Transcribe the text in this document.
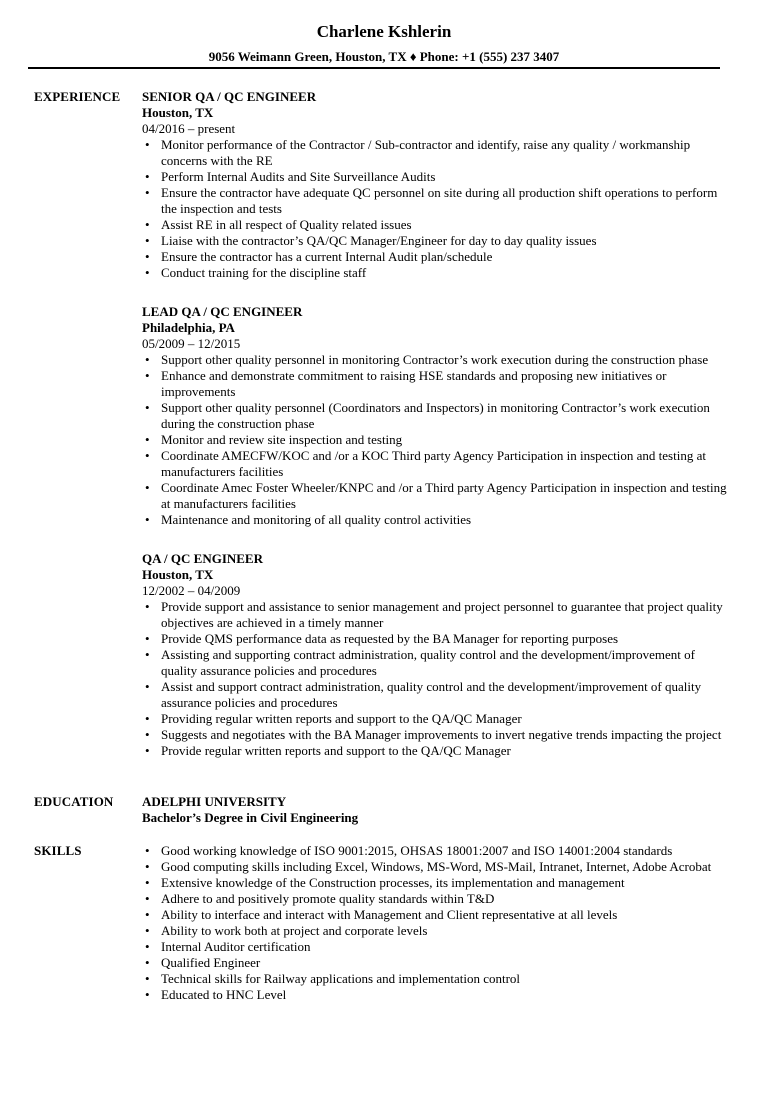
Charlene Kshlerin
9056 Weimann Green, Houston, TX ♦ Phone: +1 (555) 237 3407
EXPERIENCE SENIOR QA / QC ENGINEER
Houston, TX
04/2016 – present
• Monitor performance of the Contractor / Sub-contractor and identify, raise any quality / workmanship concerns with the RE
• Perform Internal Audits and Site Surveillance Audits
• Ensure the contractor have adequate QC personnel on site during all production shift operations to perform the inspection and tests
• Assist RE in all respect of Quality related issues
• Liaise with the contractor’s QA/QC Manager/Engineer for day to day quality issues
• Ensure the contractor has a current Internal Audit plan/schedule
• Conduct training for the discipline staff
LEAD QA / QC ENGINEER
Philadelphia, PA
05/2009 – 12/2015
• Support other quality personnel in monitoring Contractor’s work execution during the construction phase
• Enhance and demonstrate commitment to raising HSE standards and proposing new initiatives or improvements
• Support other quality personnel (Coordinators and Inspectors) in monitoring Contractor’s work execution during the construction phase
• Monitor and review site inspection and testing
• Coordinate AMECFW/KOC and /or a KOC Third party Agency Participation in inspection and testing at manufacturers facilities
• Coordinate Amec Foster Wheeler/KNPC and /or a Third party Agency Participation in inspection and testing at manufacturers facilities
• Maintenance and monitoring of all quality control activities
QA / QC ENGINEER
Houston, TX
12/2002 – 04/2009
• Provide support and assistance to senior management and project personnel to guarantee that project quality objectives are achieved in a timely manner
• Provide QMS performance data as requested by the BA Manager for reporting purposes
• Assisting and supporting contract administration, quality control and the development/improvement of quality assurance policies and procedures
• Assist and support contract administration, quality control and the development/improvement of quality assurance policies and procedures
• Providing regular written reports and support to the QA/QC Manager
• Suggests and negotiates with the BA Manager improvements to invert negative trends impacting the project
• Provide regular written reports and support to the QA/QC Manager
EDUCATION ADELPHI UNIVERSITY
Bachelor’s Degree in Civil Engineering
SKILLS
•	Good working knowledge of ISO 9001:2015, OHSAS 18001:2007 and ISO 14001:2004 standards
• Good computing skills including Excel, Windows, MS-Word, MS-Mail, Intranet, Internet, Adobe Acrobat
• Extensive knowledge of the Construction processes, its implementation and management
• Adhere to and positively promote quality standards within T&D
• Ability to interface and interact with Management and Client representative at all levels
• Ability to work both at project and corporate levels
• Internal Auditor certification
• Qualified Engineer
• Technical skills for Railway applications and implementation control
• Educated to HNC Level
